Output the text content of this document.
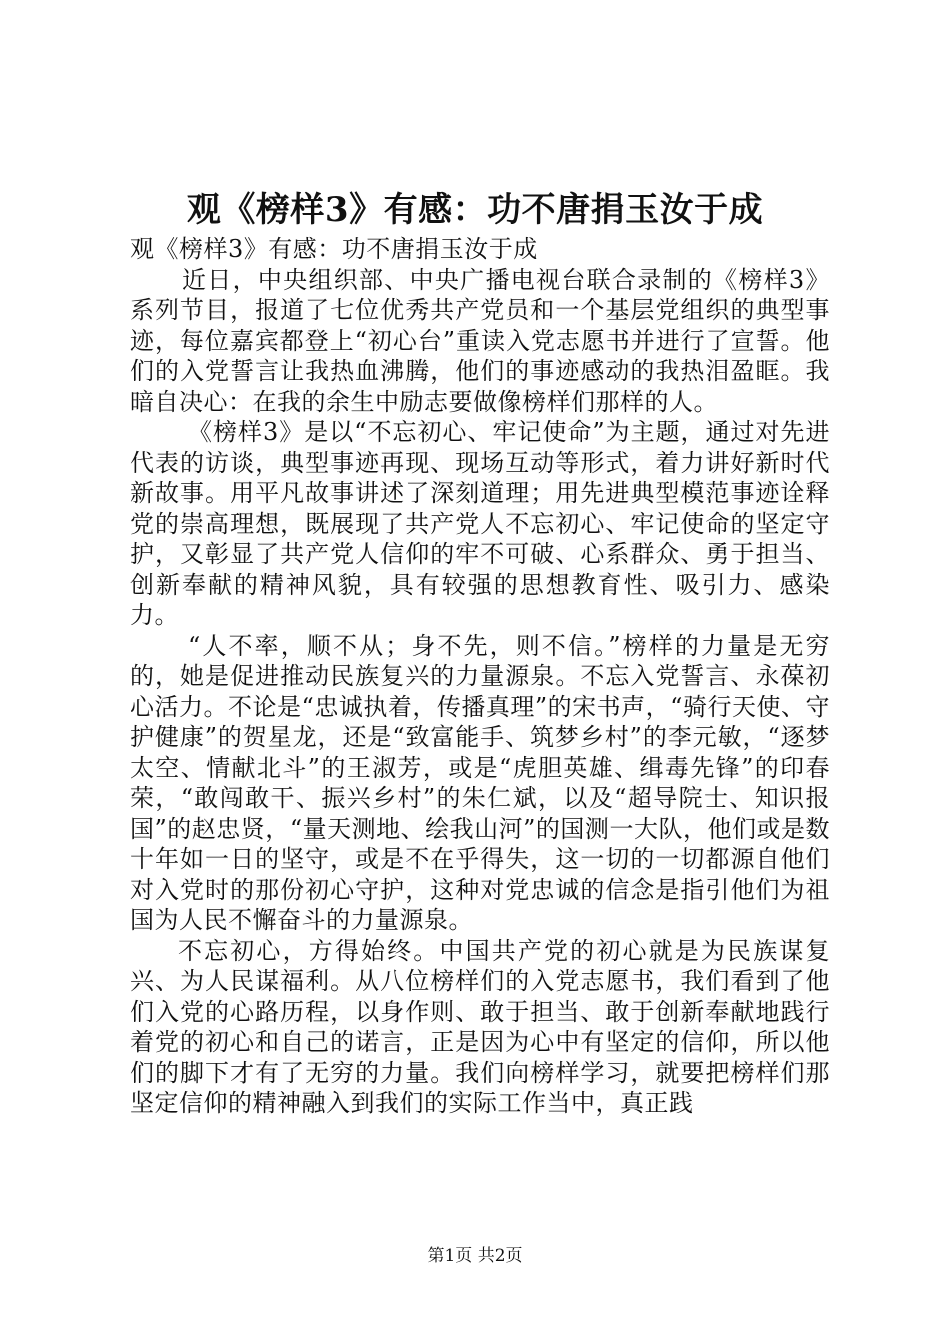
观《榜样3》有感：功不唐捐玉汝于成

观《榜样3》有感：功不唐捐玉汝于成

近日，中央组织部、中央广播电视台联合录制的《榜样3》系列节目，报道了七位优秀共产党员和一个基层党组织的典型事迹，每位嘉宾都登上“初心台”重读入党志愿书并进行了宣誓。他们的入党誓言让我热血沸腾，他们的事迹感动的我热泪盈眶。我暗自决心：在我的余生中励志要做像榜样们那样的人。

《榜样3》是以“不忘初心、牢记使命”为主题，通过对先进代表的访谈，典型事迹再现、现场互动等形式，着力讲好新时代新故事。用平凡故事讲述了深刻道理；用先进典型模范事迹诠释党的崇高理想，既展现了共产党人不忘初心、牢记使命的坚定守护，又彰显了共产党人信仰的牢不可破、心系群众、勇于担当、创新奉献的精神风貌，具有较强的思想教育性、吸引力、感染力。

“人不率，顺不从；身不先，则不信。”榜样的力量是无穷的，她是促进推动民族复兴的力量源泉。不忘入党誓言、永葆初心活力。不论是“忠诚执着，传播真理”的宋书声，“骑行天使、守护健康”的贺星龙，还是“致富能手、筑梦乡村”的李元敏，“逐梦太空、情献北斗”的王淑芳，或是“虎胆英雄、缉毒先锋”的印春荣，“敢闯敢干、振兴乡村”的朱仁斌，以及“超导院士、知识报国”的赵忠贤，“量天测地、绘我山河”的国测一大队，他们或是数十年如一日的坚守，或是不在乎得失，这一切的一切都源自他们对入党时的那份初心守护，这种对党忠诚的信念是指引他们为祖国为人民不懈奋斗的力量源泉。

不忘初心，方得始终。中国共产党的初心就是为民族谋复兴、为人民谋福利。从八位榜样们的入党志愿书，我们看到了他们入党的心路历程，以身作则、敢于担当、敢于创新奉献地践行着党的初心和自己的诺言，正是因为心中有坚定的信仰，所以他们的脚下才有了无穷的力量。我们向榜样学习，就要把榜样们那坚定信仰的精神融入到我们的实际工作当中，真正践

第1页 共2页
